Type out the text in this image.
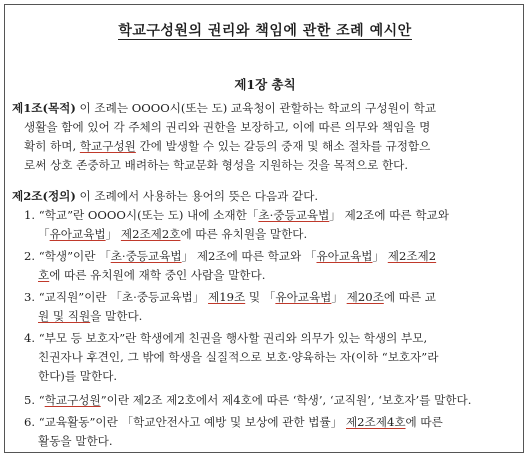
학교구성원의 권리와 책임에 관한 조례 예시안
제1장 총칙
제1조(목적) 이 조례는 OOOO시(또는 도) 교육청이 관할하는 학교의 구성원이 학교
생활을 함에 있어 각 주체의 권리와 권한을 보장하고, 이에 따른 의무와 책임을 명
확히 하며, 학교구성원 간에 발생할 수 있는 갈등의 중재 및 해소 절차를 규정함으
로써 상호 존중하고 배려하는 학교문화 형성을 지원하는 것을 목적으로 한다.
제2조(정의) 이 조례에서 사용하는 용어의 뜻은 다음과 같다.
1. “학교”란 OOOO시(또는 도) 내에 소재한「초·중등교육법」 제2조에 따른 학교와
「유아교육법」 제2조제2호에 따른 유치원을 말한다.
2. “학생”이란 「초·중등교육법」 제2조에 따른 학교와 「유아교육법」 제2조제2
호에 따른 유치원에 재학 중인 사람을 말한다.
3. “교직원”이란 「초·중등교육법」 제19조 및 「유아교육법」 제20조에 따른 교
원 및 직원을 말한다.
4. “부모 등 보호자”란 학생에게 친권을 행사할 권리와 의무가 있는 학생의 부모,
친권자나 후견인, 그 밖에 학생을 실질적으로 보호·양육하는 자(이하 “보호자”라
한다)를 말한다.
5. “학교구성원”이란 제2조 제2호에서 제4호에 따른 ‘학생’, ‘교직원’, ‘보호자’를 말한다.
6. “교육활동”이란 「학교안전사고 예방 및 보상에 관한 법률」 제2조제4호에 따른
활동을 말한다.
